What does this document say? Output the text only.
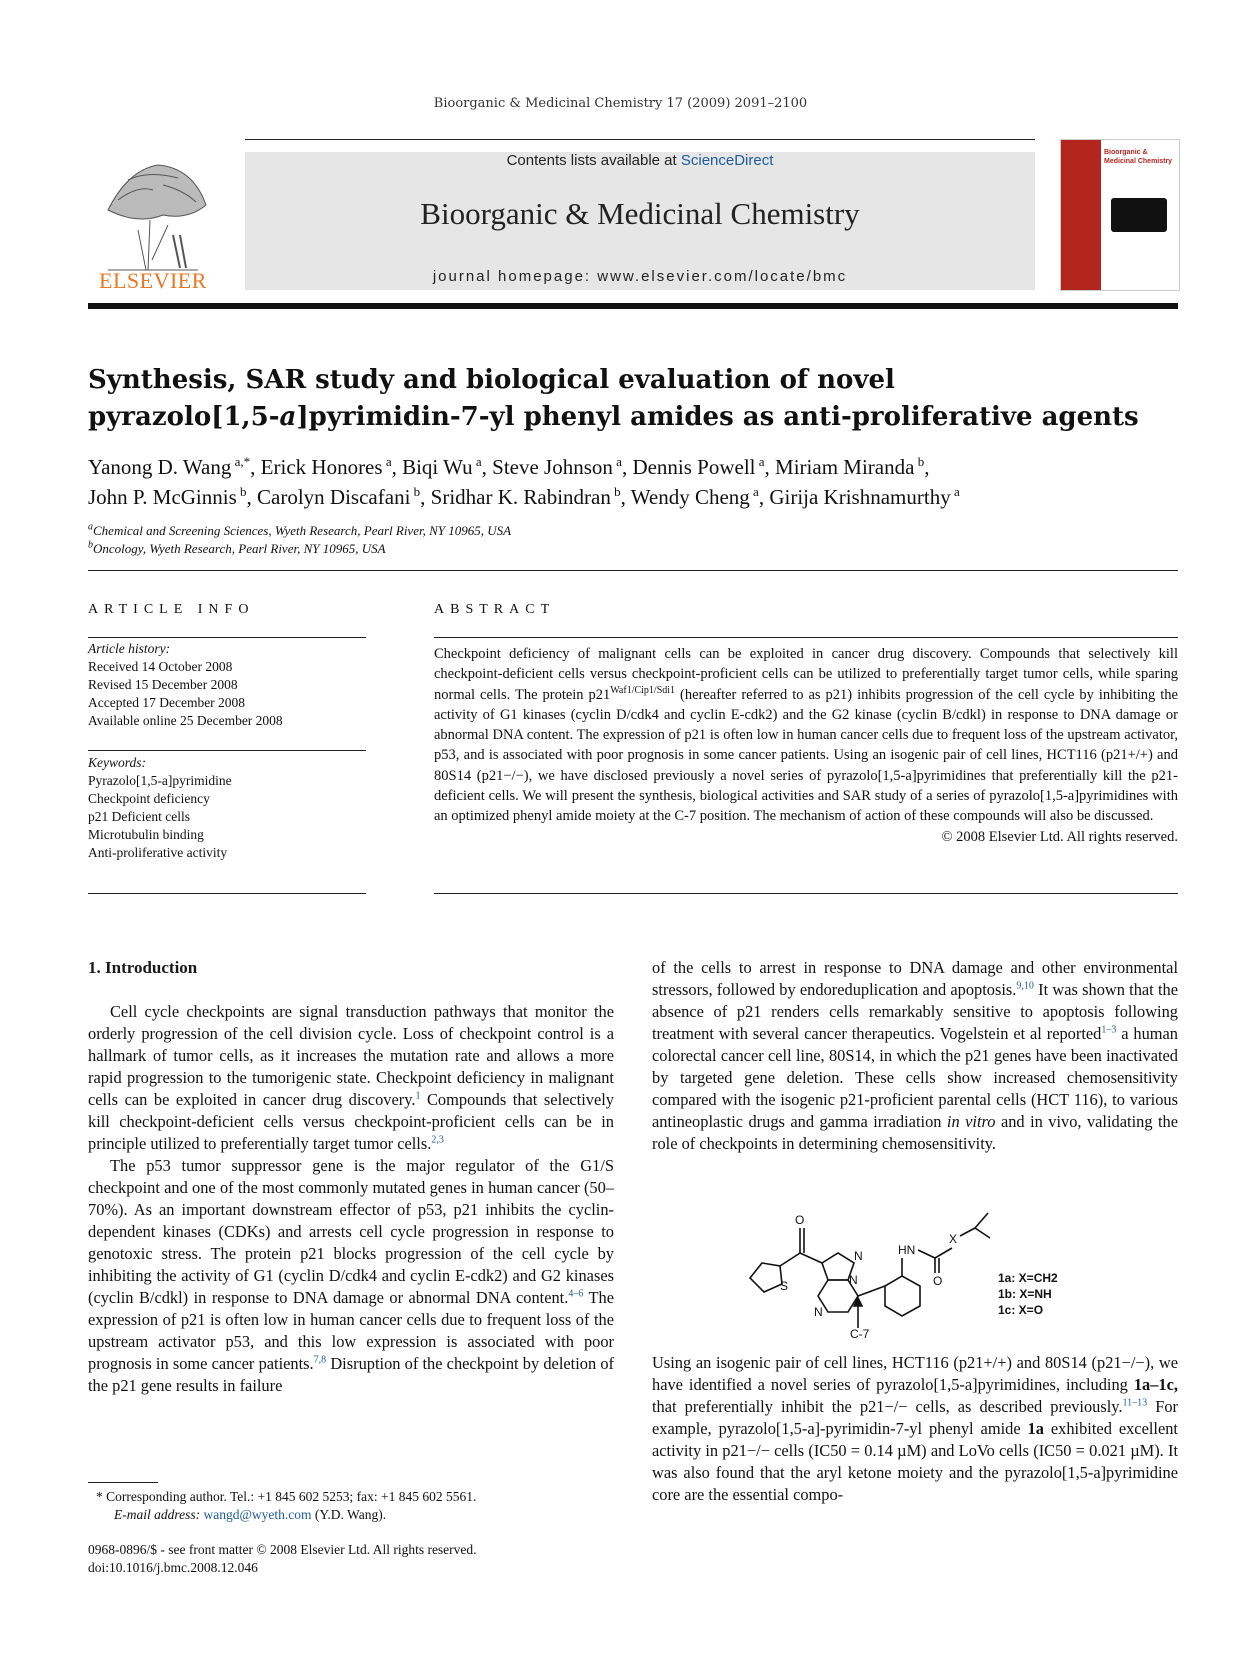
Bioorganic & Medicinal Chemistry 17 (2009) 2091–2100
ELSEVIER
Contents lists available at ScienceDirect
Bioorganic & Medicinal Chemistry
journal homepage: www.elsevier.com/locate/bmc
Bioorganic & Medicinal Chemistry
Synthesis, SAR study and biological evaluation of novel
pyrazolo[1,5-a]pyrimidin-7-yl phenyl amides as anti-proliferative agents
Yanong D. Wang $^{a,*}$, Erick Honores $^a$, Biqi Wu $^a$, Steve Johnson $^a$, Dennis Powell $^a$, Miriam Miranda $^b$,
John P. McGinnis $^b$, Carolyn Discafani $^b$, Sridhar K. Rabindran $^b$, Wendy Cheng $^a$, Girija Krishnamurthy $^a$
$^a$Chemical and Screening Sciences, Wyeth Research, Pearl River, NY 10965, USA
$^b$Oncology, Wyeth Research, Pearl River, NY 10965, USA
ARTICLE INFO
Article history:
Received 14 October 2008
Revised 15 December 2008
Accepted 17 December 2008
Available online 25 December 2008
Keywords:
Pyrazolo[1,5-a]pyrimidine
Checkpoint deficiency
p21 Deficient cells
Microtubulin binding
Anti-proliferative activity
ABSTRACT
Checkpoint deficiency of malignant cells can be exploited in cancer drug discovery. Compounds that selectively kill checkpoint-deficient cells versus checkpoint-proficient cells can be utilized to preferentially target tumor cells, while sparing normal cells. The protein $p21^{Waf1/Cip1/Sdi1}$ (hereafter referred to as p21) inhibits progression of the cell cycle by inhibiting the activity of G1 kinases (cyclin D/cdk4 and cyclin E-cdk2) and the G2 kinase (cyclin B/cdkl) in response to DNA damage or abnormal DNA content. The expression of p21 is often low in human cancer cells due to frequent loss of the upstream activator, p53, and is associated with poor prognosis in some cancer patients. Using an isogenic pair of cell lines, HCT116 (p21+/+) and 80S14 (p21−/−), we have disclosed previously a novel series of pyrazolo[1,5-a]pyrimidines that preferentially kill the p21-deficient cells. We will present the synthesis, biological activities and SAR study of a series of pyrazolo[1,5-a]pyrimidines with an optimized phenyl amide moiety at the C-7 position. The mechanism of action of these compounds will also be discussed.
© 2008 Elsevier Ltd. All rights reserved.
1. Introduction

Cell cycle checkpoints are signal transduction pathways that monitor the orderly progression of the cell division cycle. Loss of checkpoint control is a hallmark of tumor cells, as it increases the mutation rate and allows a more rapid progression to the tumorigenic state. Checkpoint deficiency in malignant cells can be exploited in cancer drug discovery.$^1$ Compounds that selectively kill checkpoint-deficient cells versus checkpoint-proficient cells can be in principle utilized to preferentially target tumor cells.$^{2,3}$

The p53 tumor suppressor gene is the major regulator of the G1/S checkpoint and one of the most commonly mutated genes in human cancer (50–70%). As an important downstream effector of p53, p21 inhibits the cyclin-dependent kinases (CDKs) and arrests cell cycle progression in response to genotoxic stress. The protein p21 blocks progression of the cell cycle by inhibiting the activity of G1 (cyclin D/cdk4 and cyclin E-cdk2) and G2 kinases (cyclin B/cdkl) in response to DNA damage or abnormal DNA content.$^{4-6}$ The expression of p21 is often low in human cancer cells due to frequent loss of the upstream activator p53, and this low expression is associated with poor prognosis in some cancer patients.$^{7,8}$ Disruption of the checkpoint by deletion of the p21 gene results in failure

of the cells to arrest in response to DNA damage and other environmental stressors, followed by endoreduplication and apoptosis.$^{9,10}$ It was shown that the absence of p21 renders cells remarkably sensitive to apoptosis following treatment with several cancer therapeutics. Vogelstein et al reported$^{1-3}$ a human colorectal cancer cell line, 80S14, in which the p21 genes have been inactivated by targeted gene deletion. These cells show increased chemosensitivity compared with the isogenic p21-proficient parental cells (HCT 116), to various antineoplastic drugs and gamma irradiation in vitro and in vivo, validating the role of checkpoints in determining chemosensitivity.

O
N
N
S
N
HN
X
O
C-7
1a: X=CH2
1b: X=NH
1c: X=O

Using an isogenic pair of cell lines, HCT116 (p21+/+) and 80S14 (p21−/−), we have identified a novel series of pyrazolo[1,5-a]pyrimidines, including 1a–1c, that preferentially inhibit the p21−/− cells, as described previously.$^{11-13}$ For example, pyrazolo[1,5-a]-pyrimidin-7-yl phenyl amide 1a exhibited excellent activity in p21−/− cells (IC50 = 0.14 µM) and LoVo cells (IC50 = 0.021 µM). It was also found that the aryl ketone moiety and the pyrazolo[1,5-a]pyrimidine core are the essential compo-

* Corresponding author. Tel.: +1 845 602 5253; fax: +1 845 602 5561.
E-mail address: wangd@wyeth.com (Y.D. Wang).
0968-0896/$ - see front matter © 2008 Elsevier Ltd. All rights reserved.
doi:10.1016/j.bmc.2008.12.046
